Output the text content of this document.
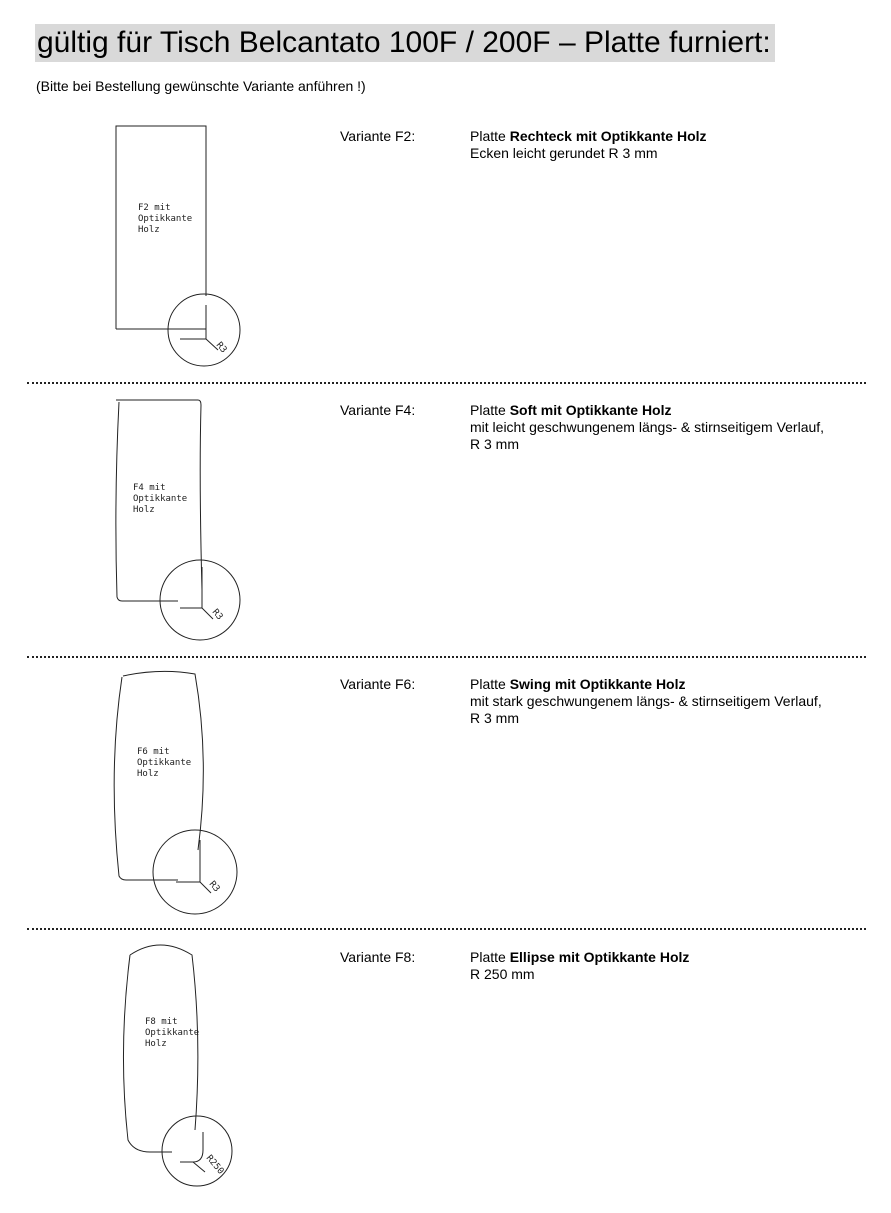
gültig für Tisch Belcantato 100F / 200F – Platte furniert:
(Bitte bei Bestellung gewünschte Variante anführen !)
F2 mit
Optikkante
Holz
R3
F4 mit
Optikkante
Holz
R3
F6 mit
Optikkante
Holz
R3
F8 mit
Optikkante
Holz
R250
Variante F2:	Platte Rechteck mit Optikkante Holz
Ecken leicht gerundet R 3 mm
Variante F4:	Platte Soft mit Optikkante Holz
mit leicht geschwungenem längs- & stirnseitigem Verlauf,
R 3 mm
Variante F6:	Platte Swing mit Optikkante Holz
mit stark geschwungenem längs- & stirnseitigem Verlauf,
R 3 mm
Variante F8:	Platte Ellipse mit Optikkante Holz
R 250 mm
